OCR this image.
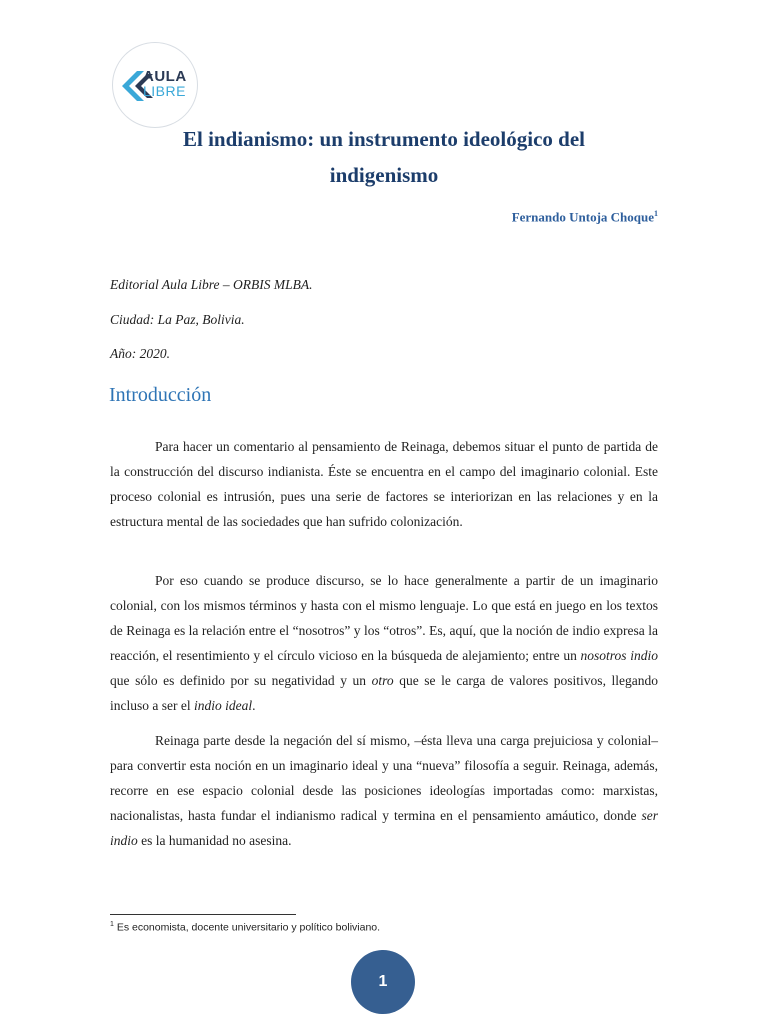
AULA
LIBRE
El indianismo: un instrumento ideológico del
indigenismo
Fernando Untoja Choque$^1$
Editorial Aula Libre – ORBIS MLBA.
Ciudad: La Paz, Bolivia.
Año: 2020.
Introducción

Para hacer un comentario al pensamiento de Reinaga, debemos situar el punto de partida de la construcción del discurso indianista. Éste se encuentra en el campo del imaginario colonial. Este proceso colonial es intrusión, pues una serie de factores se interiorizan en las relaciones y en la estructura mental de las sociedades que han sufrido colonización.

Por eso cuando se produce discurso, se lo hace generalmente a partir de un imaginario colonial, con los mismos términos y hasta con el mismo lenguaje. Lo que está en juego en los textos de Reinaga es la relación entre el “nosotros” y los “otros”. Es, aquí, que la noción de indio expresa la reacción, el resentimiento y el círculo vicioso en la búsqueda de alejamiento; entre un nosotros indio que sólo es definido por su negatividad y un otro que se le carga de valores positivos, llegando incluso a ser el indio ideal.

Reinaga parte desde la negación del sí mismo, –ésta lleva una carga prejuiciosa y colonial– para convertir esta noción en un imaginario ideal y una “nueva” filosofía a seguir. Reinaga, además, recorre en ese espacio colonial desde las posiciones ideologías importadas como: marxistas, nacionalistas, hasta fundar el indianismo radical y termina en el pensamiento amáutico, donde ser indio es la humanidad no asesina.

$^1$ Es economista, docente universitario y político boliviano.
1
